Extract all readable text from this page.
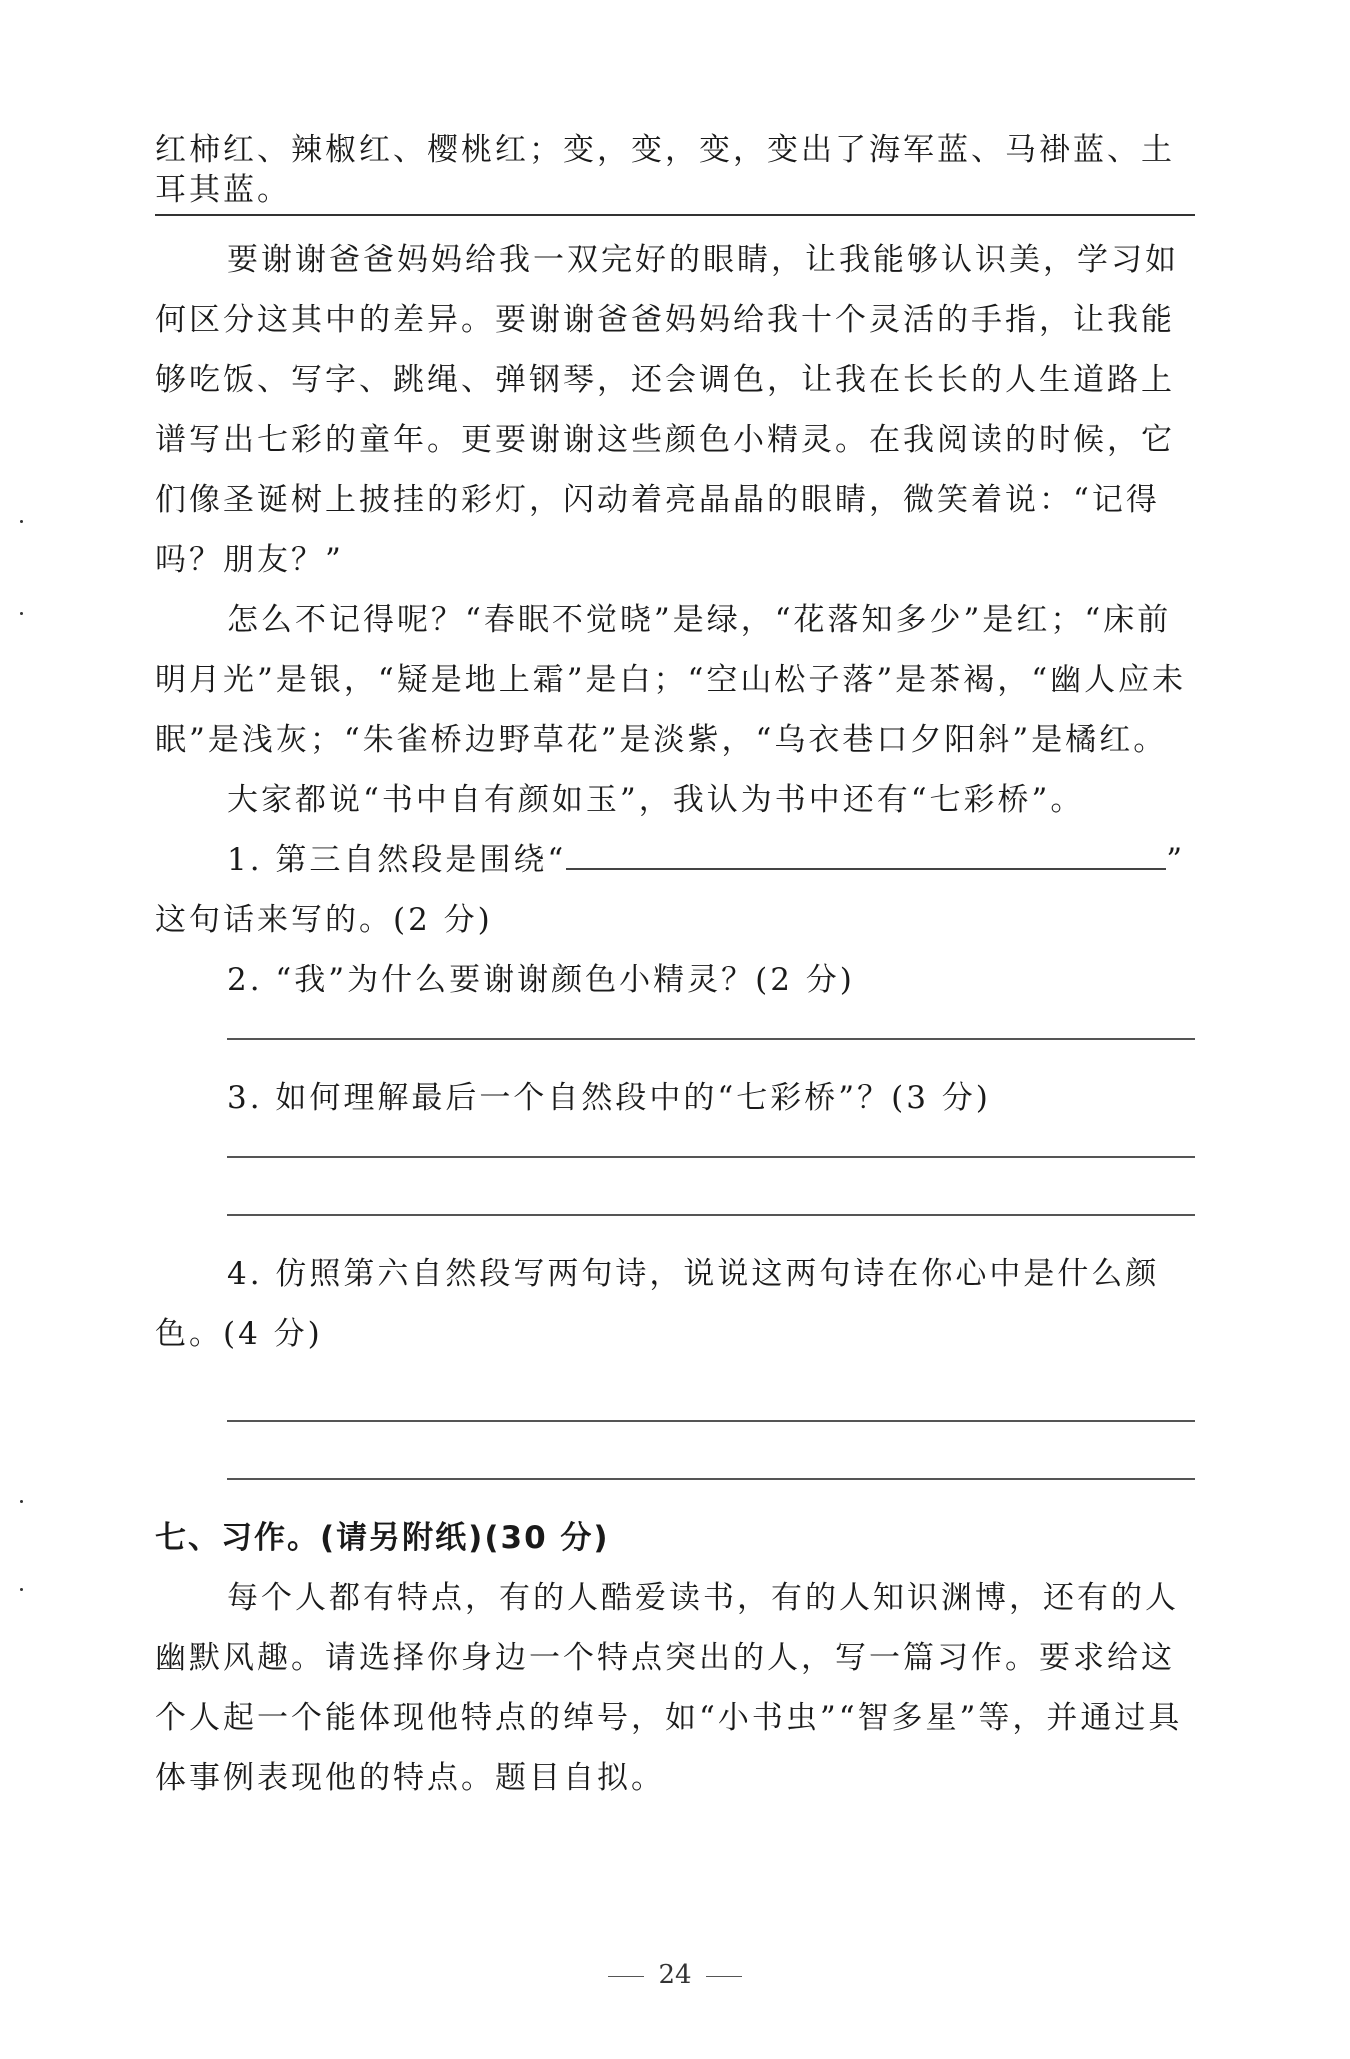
红柿红、辣椒红、樱桃红；变，变，变，变出了海军蓝、马褂蓝、土耳其蓝。

要谢谢爸爸妈妈给我一双完好的眼睛，让我能够认识美，学习如何区分这其中的差异。要谢谢爸爸妈妈给我十个灵活的手指，让我能够吃饭、写字、跳绳、弹钢琴，还会调色，让我在长长的人生道路上谱写出七彩的童年。更要谢谢这些颜色小精灵。在我阅读的时候，它们像圣诞树上披挂的彩灯，闪动着亮晶晶的眼睛，微笑着说：“记得吗？朋友？”

怎么不记得呢？“春眠不觉晓”是绿，“花落知多少”是红；“床前明月光”是银，“疑是地上霜”是白；“空山松子落”是茶褐，“幽人应未眠”是浅灰；“朱雀桥边野草花”是淡紫，“乌衣巷口夕阳斜”是橘红。

大家都说“书中自有颜如玉”，我认为书中还有“七彩桥”。

1. 第三自然段是围绕“	”

这句话来写的。(2 分)

2. “我”为什么要谢谢颜色小精灵？(2 分)

3. 如何理解最后一个自然段中的“七彩桥”？(3 分)

4. 仿照第六自然段写两句诗，说说这两句诗在你心中是什么颜色。(4 分)

七、习作。(请另附纸)(30 分)

每个人都有特点，有的人酷爱读书，有的人知识渊博，还有的人幽默风趣。请选择你身边一个特点突出的人，写一篇习作。要求给这个人起一个能体现他特点的绰号，如“小书虫”“智多星”等，并通过具体事例表现他的特点。题目自拟。

24
